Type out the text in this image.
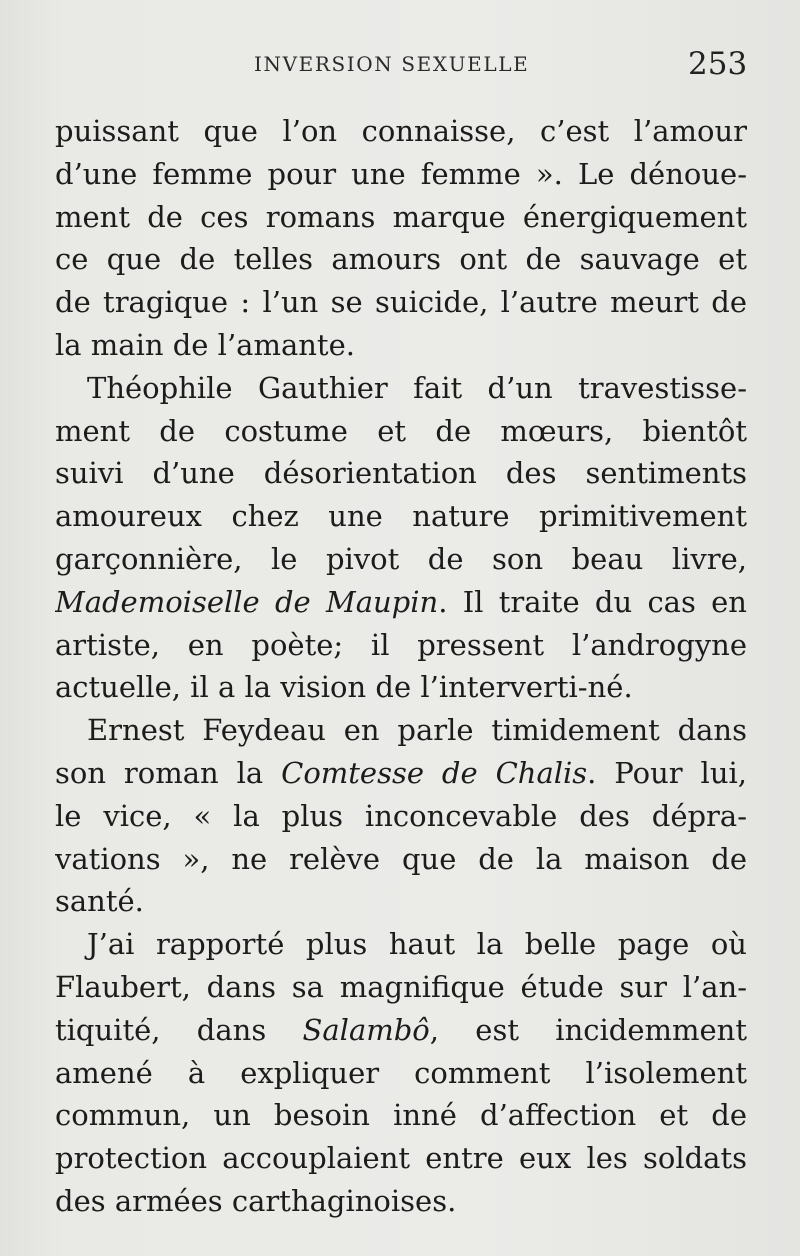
INVERSION SEXUELLE	253
puissant que l’on connaisse, c’est l’amour
d’une femme pour une femme ». Le dénoue-
ment de ces romans marque énergiquement
ce que de telles amours ont de sauvage et
de tragique : l’un se suicide, l’autre meurt de
la main de l’amante.
Théophile Gauthier fait d’un travestisse-
ment de costume et de mœurs, bientôt
suivi d’une désorientation des sentiments
amoureux chez une nature primitivement
garçonnière, le pivot de son beau livre,
Mademoiselle de Maupin. Il traite du cas en
artiste, en poète; il pressent l’androgyne
actuelle, il a la vision de l’interverti-né.
Ernest Feydeau en parle timidement dans
son roman la Comtesse de Chalis. Pour lui,
le vice, « la plus inconcevable des dépra-
vations », ne relève que de la maison de
santé.
J’ai rapporté plus haut la belle page où
Flaubert, dans sa magnifique étude sur l’an-
tiquité, dans Salambô, est incidemment
amené à expliquer comment l’isolement
commun, un besoin inné d’affection et de
protection accouplaient entre eux les soldats
des armées carthaginoises.
